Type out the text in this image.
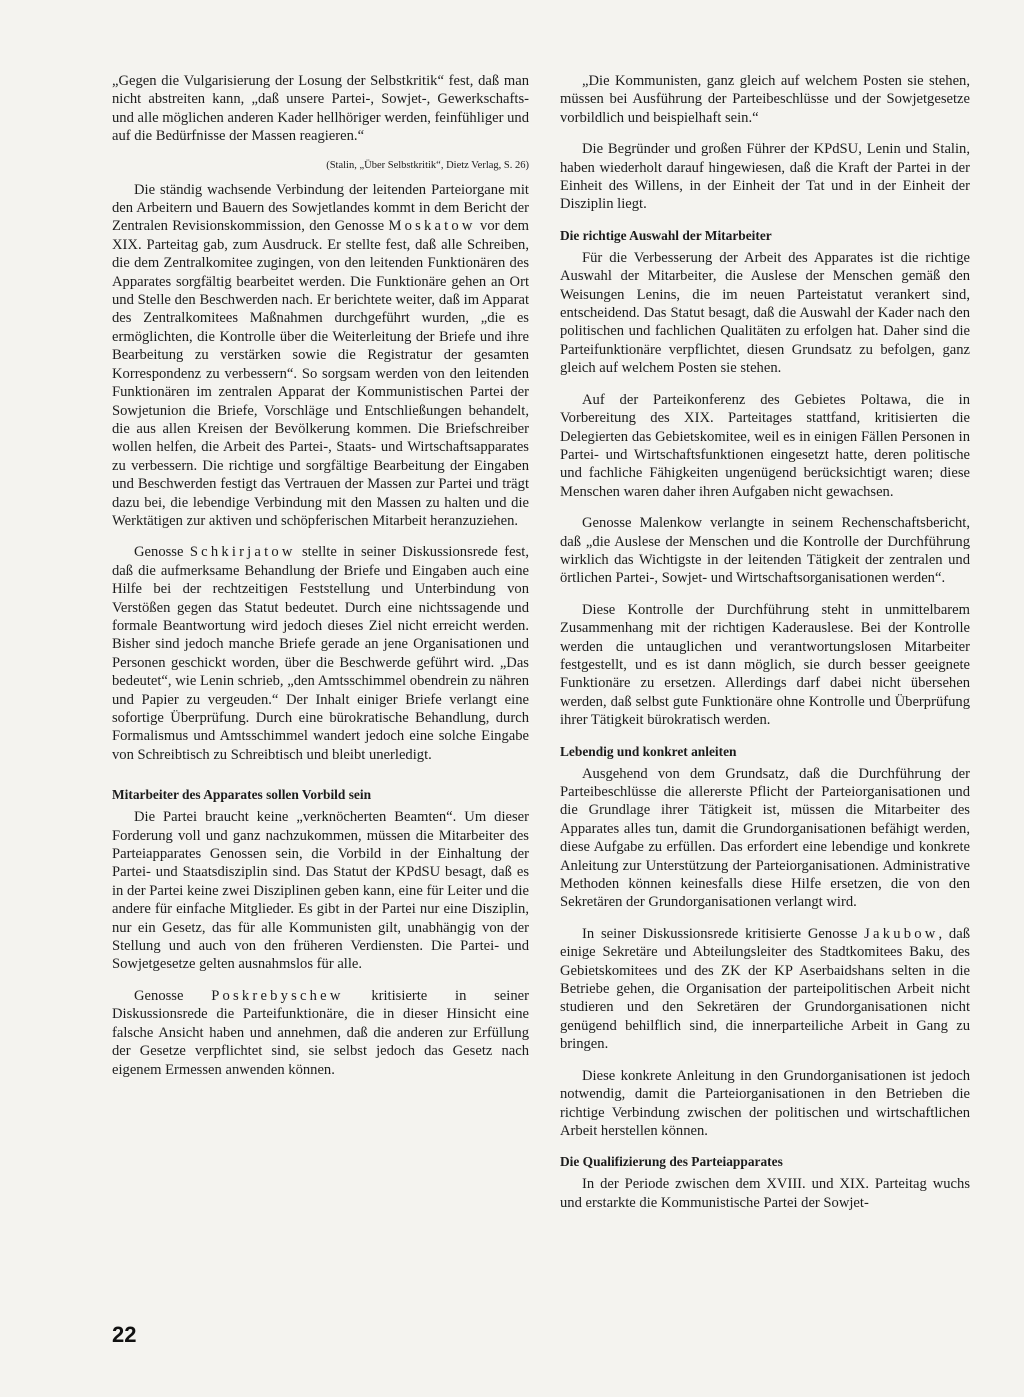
„Gegen die Vulgarisierung der Losung der Selbstkritik“ fest, daß man nicht abstreiten kann, „daß unsere Partei-, Sowjet-, Gewerkschafts- und alle möglichen anderen Kader hellhöriger werden, feinfühliger und auf die Bedürfnisse der Massen reagieren.“

(Stalin, „Über Selbstkritik“, Dietz Verlag, S. 26)

Die ständig wachsende Verbindung der leitenden Parteiorgane mit den Arbeitern und Bauern des Sowjetlandes kommt in dem Bericht der Zentralen Revisionskommission, den Genosse Moskatow vor dem XIX. Parteitag gab, zum Ausdruck. Er stellte fest, daß alle Schreiben, die dem Zentralkomitee zugingen, von den leitenden Funktionären des Apparates sorgfältig bearbeitet werden. Die Funktionäre gehen an Ort und Stelle den Beschwerden nach. Er berichtete weiter, daß im Apparat des Zentralkomitees Maßnahmen durchgeführt wurden, „die es ermöglichten, die Kontrolle über die Weiterleitung der Briefe und ihre Bearbeitung zu verstärken sowie die Registratur der gesamten Korrespondenz zu verbessern“. So sorgsam werden von den leitenden Funktionären im zentralen Apparat der Kommunistischen Partei der Sowjetunion die Briefe, Vorschläge und Entschließungen behandelt, die aus allen Kreisen der Bevölkerung kommen. Die Briefschreiber wollen helfen, die Arbeit des Partei-, Staats- und Wirtschaftsapparates zu verbessern. Die richtige und sorgfältige Bearbeitung der Eingaben und Beschwerden festigt das Vertrauen der Massen zur Partei und trägt dazu bei, die lebendige Verbindung mit den Massen zu halten und die Werktätigen zur aktiven und schöpferischen Mitarbeit heranzuziehen.

Genosse Schkirjatow stellte in seiner Diskussionsrede fest, daß die aufmerksame Behandlung der Briefe und Eingaben auch eine Hilfe bei der rechtzeitigen Feststellung und Unterbindung von Verstößen gegen das Statut bedeutet. Durch eine nichtssagende und formale Beantwortung wird jedoch dieses Ziel nicht erreicht werden. Bisher sind jedoch manche Briefe gerade an jene Organisationen und Personen geschickt worden, über die Beschwerde geführt wird. „Das bedeutet“, wie Lenin schrieb, „den Amtsschimmel obendrein zu nähren und Papier zu vergeuden.“ Der Inhalt einiger Briefe verlangt eine sofortige Überprüfung. Durch eine bürokratische Behandlung, durch Formalismus und Amtsschimmel wandert jedoch eine solche Eingabe von Schreibtisch zu Schreibtisch und bleibt unerledigt.

Mitarbeiter des Apparates sollen Vorbild sein

Die Partei braucht keine „verknöcherten Beamten“. Um dieser Forderung voll und ganz nachzukommen, müssen die Mitarbeiter des Parteiapparates Genossen sein, die Vorbild in der Einhaltung der Partei- und Staatsdisziplin sind. Das Statut der KPdSU besagt, daß es in der Partei keine zwei Disziplinen geben kann, eine für Leiter und die andere für einfache Mitglieder. Es gibt in der Partei nur eine Disziplin, nur ein Gesetz, das für alle Kommunisten gilt, unabhängig von der Stellung und auch von den früheren Verdiensten. Die Partei- und Sowjetgesetze gelten ausnahmslos für alle.

Genosse Poskrebyschew kritisierte in seiner Diskussionsrede die Parteifunktionäre, die in dieser Hinsicht eine falsche Ansicht haben und annehmen, daß die anderen zur Erfüllung der Gesetze verpflichtet sind, sie selbst jedoch das Gesetz nach eigenem Ermessen anwenden können.

„Die Kommunisten, ganz gleich auf welchem Posten sie stehen, müssen bei Ausführung der Parteibeschlüsse und der Sowjetgesetze vorbildlich und beispielhaft sein.“

Die Begründer und großen Führer der KPdSU, Lenin und Stalin, haben wiederholt darauf hingewiesen, daß die Kraft der Partei in der Einheit des Willens, in der Einheit der Tat und in der Einheit der Disziplin liegt.

Die richtige Auswahl der Mitarbeiter

Für die Verbesserung der Arbeit des Apparates ist die richtige Auswahl der Mitarbeiter, die Auslese der Menschen gemäß den Weisungen Lenins, die im neuen Parteistatut verankert sind, entscheidend. Das Statut besagt, daß die Auswahl der Kader nach den politischen und fachlichen Qualitäten zu erfolgen hat. Daher sind die Parteifunktionäre verpflichtet, diesen Grundsatz zu befolgen, ganz gleich auf welchem Posten sie stehen.

Auf der Parteikonferenz des Gebietes Poltawa, die in Vorbereitung des XIX. Parteitages stattfand, kritisierten die Delegierten das Gebietskomitee, weil es in einigen Fällen Personen in Partei- und Wirtschaftsfunktionen eingesetzt hatte, deren politische und fachliche Fähigkeiten ungenügend berücksichtigt waren; diese Menschen waren daher ihren Aufgaben nicht gewachsen.

Genosse Malenkow verlangte in seinem Rechenschaftsbericht, daß „die Auslese der Menschen und die Kontrolle der Durchführung wirklich das Wichtigste in der leitenden Tätigkeit der zentralen und örtlichen Partei-, Sowjet- und Wirtschaftsorganisationen werden“.

Diese Kontrolle der Durchführung steht in unmittelbarem Zusammenhang mit der richtigen Kaderauslese. Bei der Kontrolle werden die untauglichen und verantwortungslosen Mitarbeiter festgestellt, und es ist dann möglich, sie durch besser geeignete Funktionäre zu ersetzen. Allerdings darf dabei nicht übersehen werden, daß selbst gute Funktionäre ohne Kontrolle und Überprüfung ihrer Tätigkeit bürokratisch werden.

Lebendig und konkret anleiten

Ausgehend von dem Grundsatz, daß die Durchführung der Parteibeschlüsse die allererste Pflicht der Parteiorganisationen und die Grundlage ihrer Tätigkeit ist, müssen die Mitarbeiter des Apparates alles tun, damit die Grundorganisationen befähigt werden, diese Aufgabe zu erfüllen. Das erfordert eine lebendige und konkrete Anleitung zur Unterstützung der Parteiorganisationen. Administrative Methoden können keinesfalls diese Hilfe ersetzen, die von den Sekretären der Grundorganisationen verlangt wird.

In seiner Diskussionsrede kritisierte Genosse Jakubow, daß einige Sekretäre und Abteilungsleiter des Stadtkomitees Baku, des Gebietskomitees und des ZK der KP Aserbaidshans selten in die Betriebe gehen, die Organisation der parteipolitischen Arbeit nicht studieren und den Sekretären der Grundorganisationen nicht genügend behilflich sind, die innerparteiliche Arbeit in Gang zu bringen.

Diese konkrete Anleitung in den Grundorganisationen ist jedoch notwendig, damit die Parteiorganisationen in den Betrieben die richtige Verbindung zwischen der politischen und wirtschaftlichen Arbeit herstellen können.

Die Qualifizierung des Parteiapparates

In der Periode zwischen dem XVIII. und XIX. Parteitag wuchs und erstarkte die Kommunistische Partei der Sowjet-

22
